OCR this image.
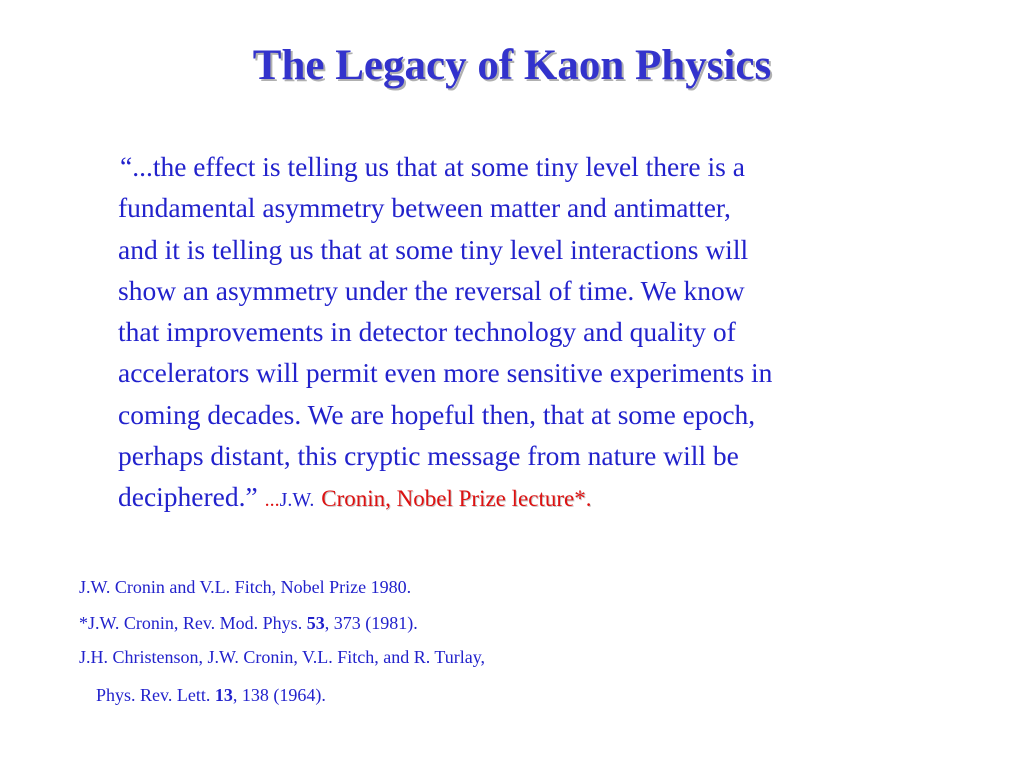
The Legacy of Kaon Physics
“...the effect is telling us that at some tiny level there is a
fundamental asymmetry between matter and antimatter,
and it is telling us that at some tiny level interactions will
show an asymmetry under the reversal of time. We know
that improvements in detector technology and quality of
accelerators will permit even more sensitive experiments in
coming decades. We are hopeful then, that at some epoch,
perhaps distant, this cryptic message from nature will be
deciphered.” ...J.W. Cronin, Nobel Prize lecture*.
J.W. Cronin and V.L. Fitch, Nobel Prize 1980.
*J.W. Cronin, Rev. Mod. Phys. 53, 373 (1981).
J.H. Christenson, J.W. Cronin, V.L. Fitch, and R. Turlay,
Phys. Rev. Lett. 13, 138 (1964).
